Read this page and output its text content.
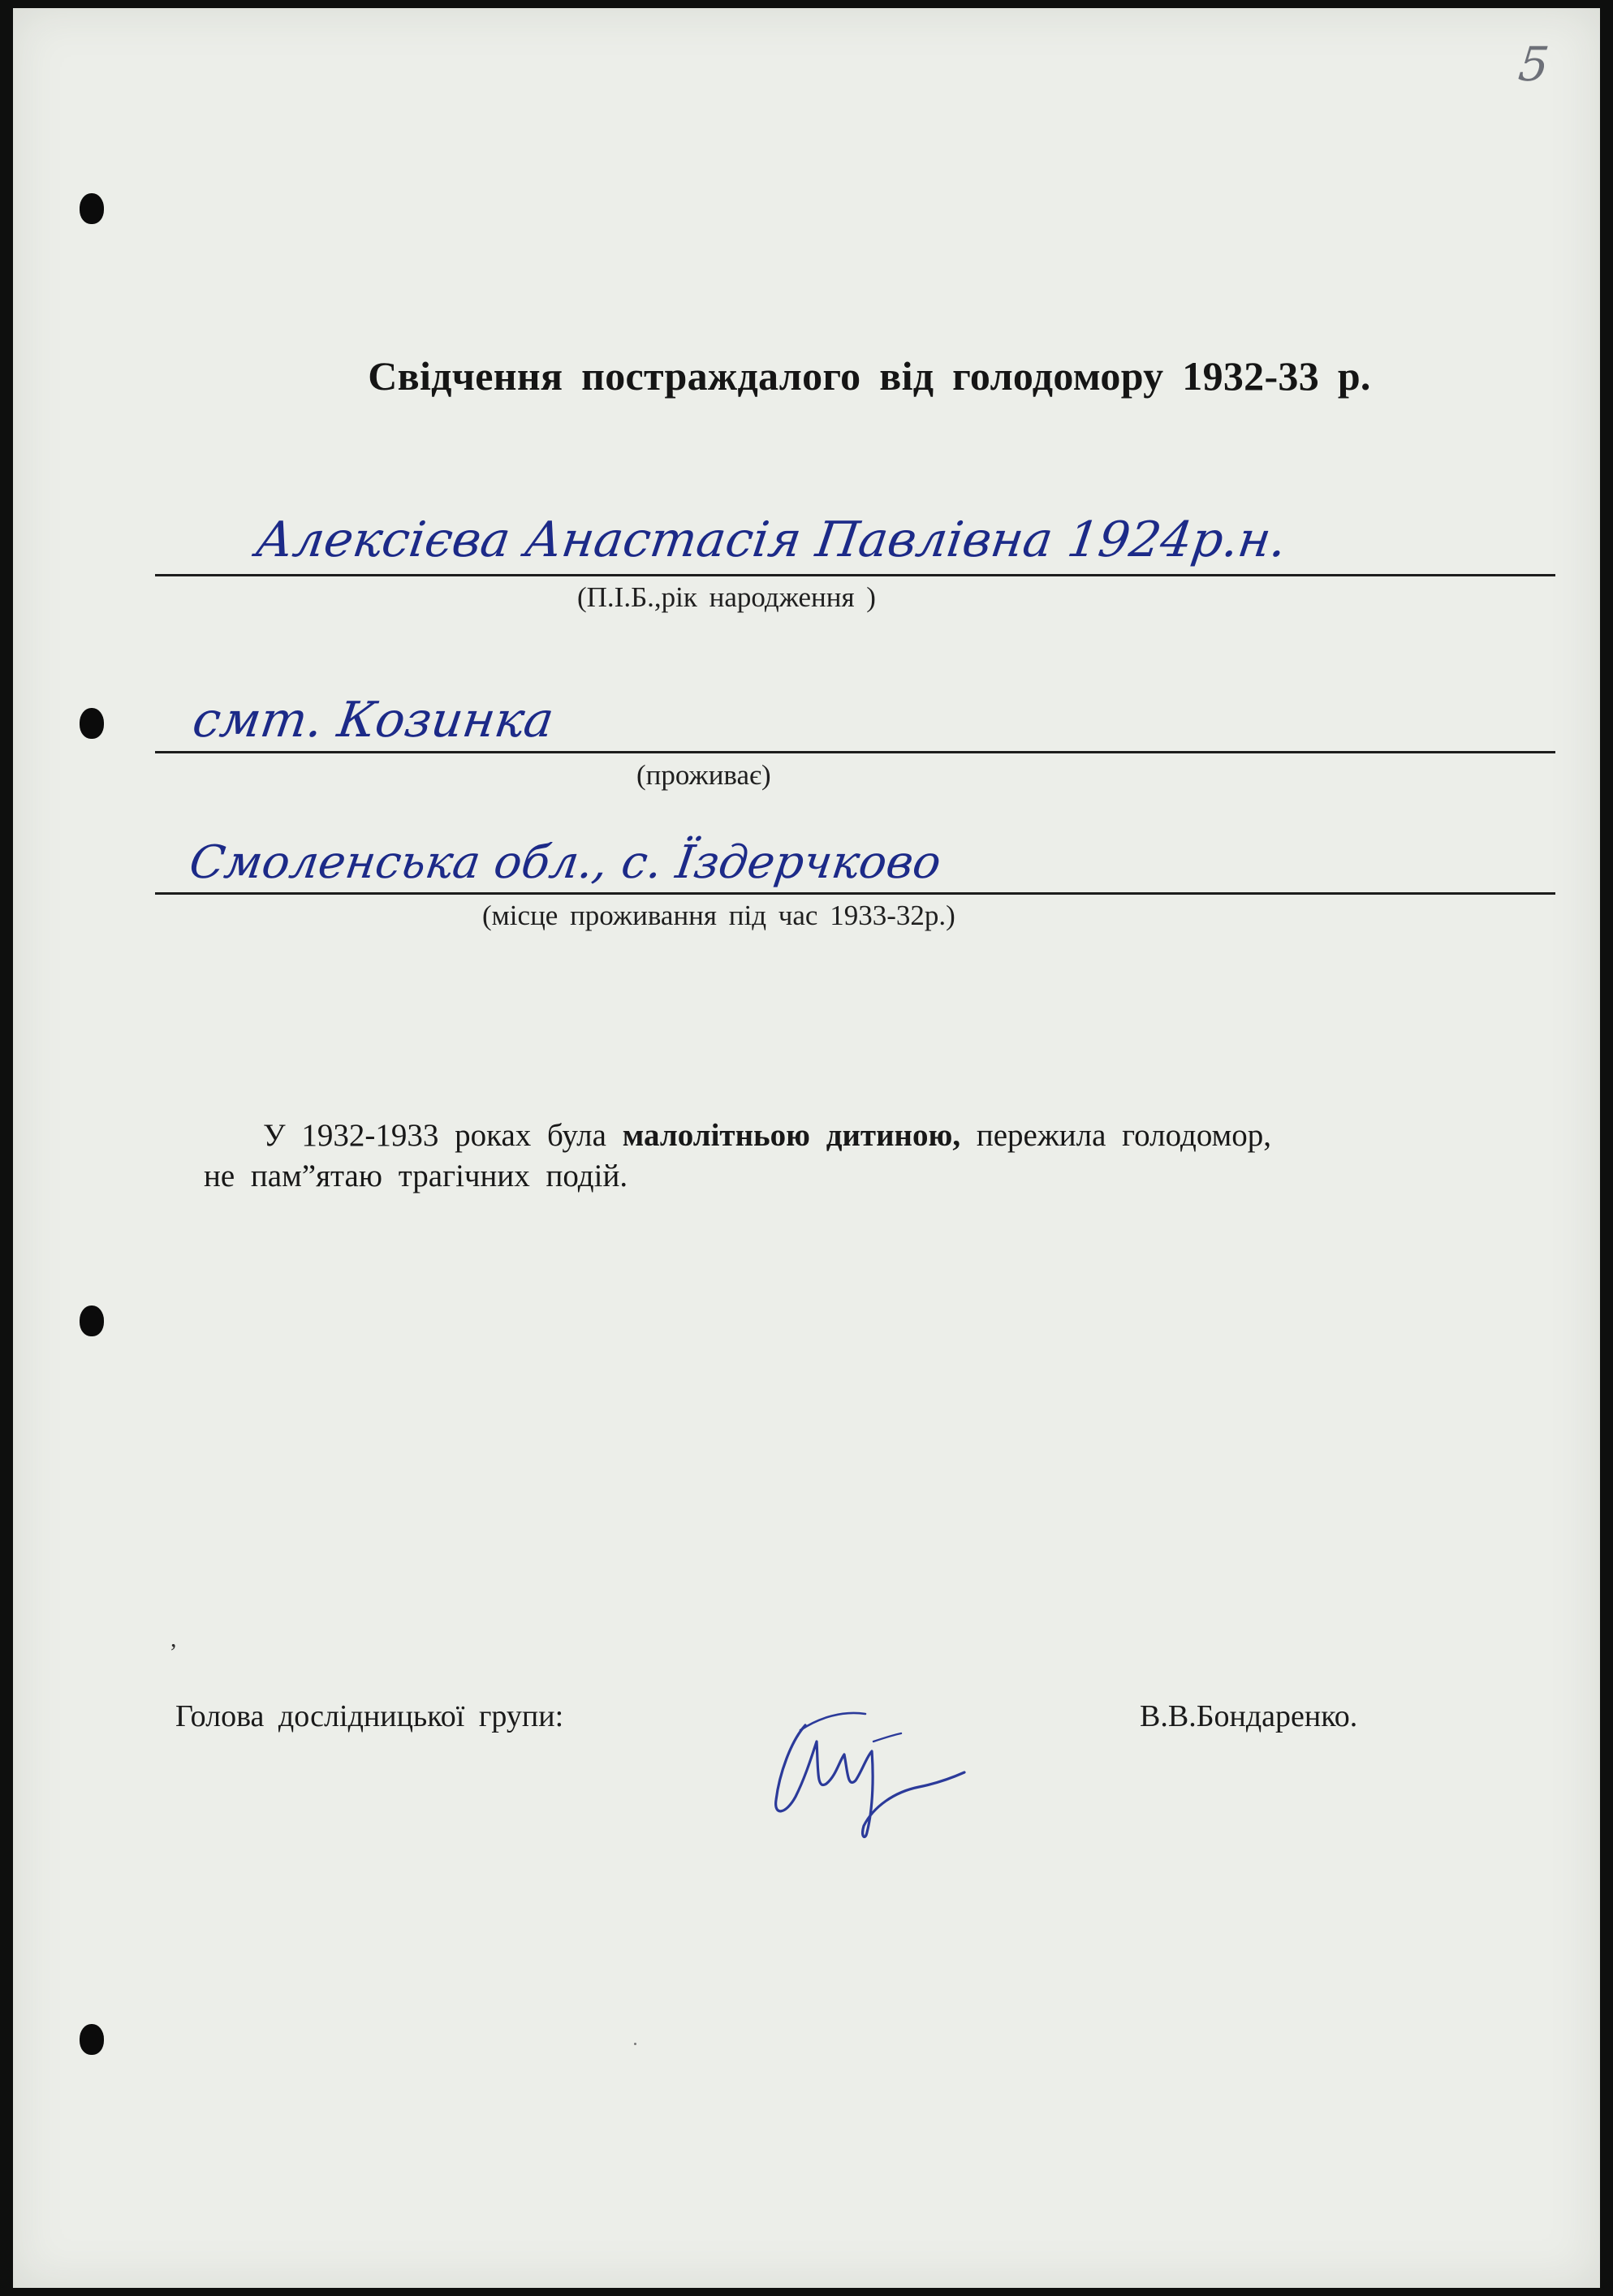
5
Свідчення постраждалого від голодомору 1932-33 р.
Алексієва Анастасія Павлівна 1924р.н.
(П.І.Б.,рік народження )
смт. Козинка
(проживає)
Смоленська обл., с. Їздерчково
(місце проживання під час 1933-32р.)

У 1932-1933 роках була малолітньою дитиною, пережила голодомор,

не пам”ятаю трагічних подій.

,
Голова дослідницької групи:	В.В.Бондаренко.
